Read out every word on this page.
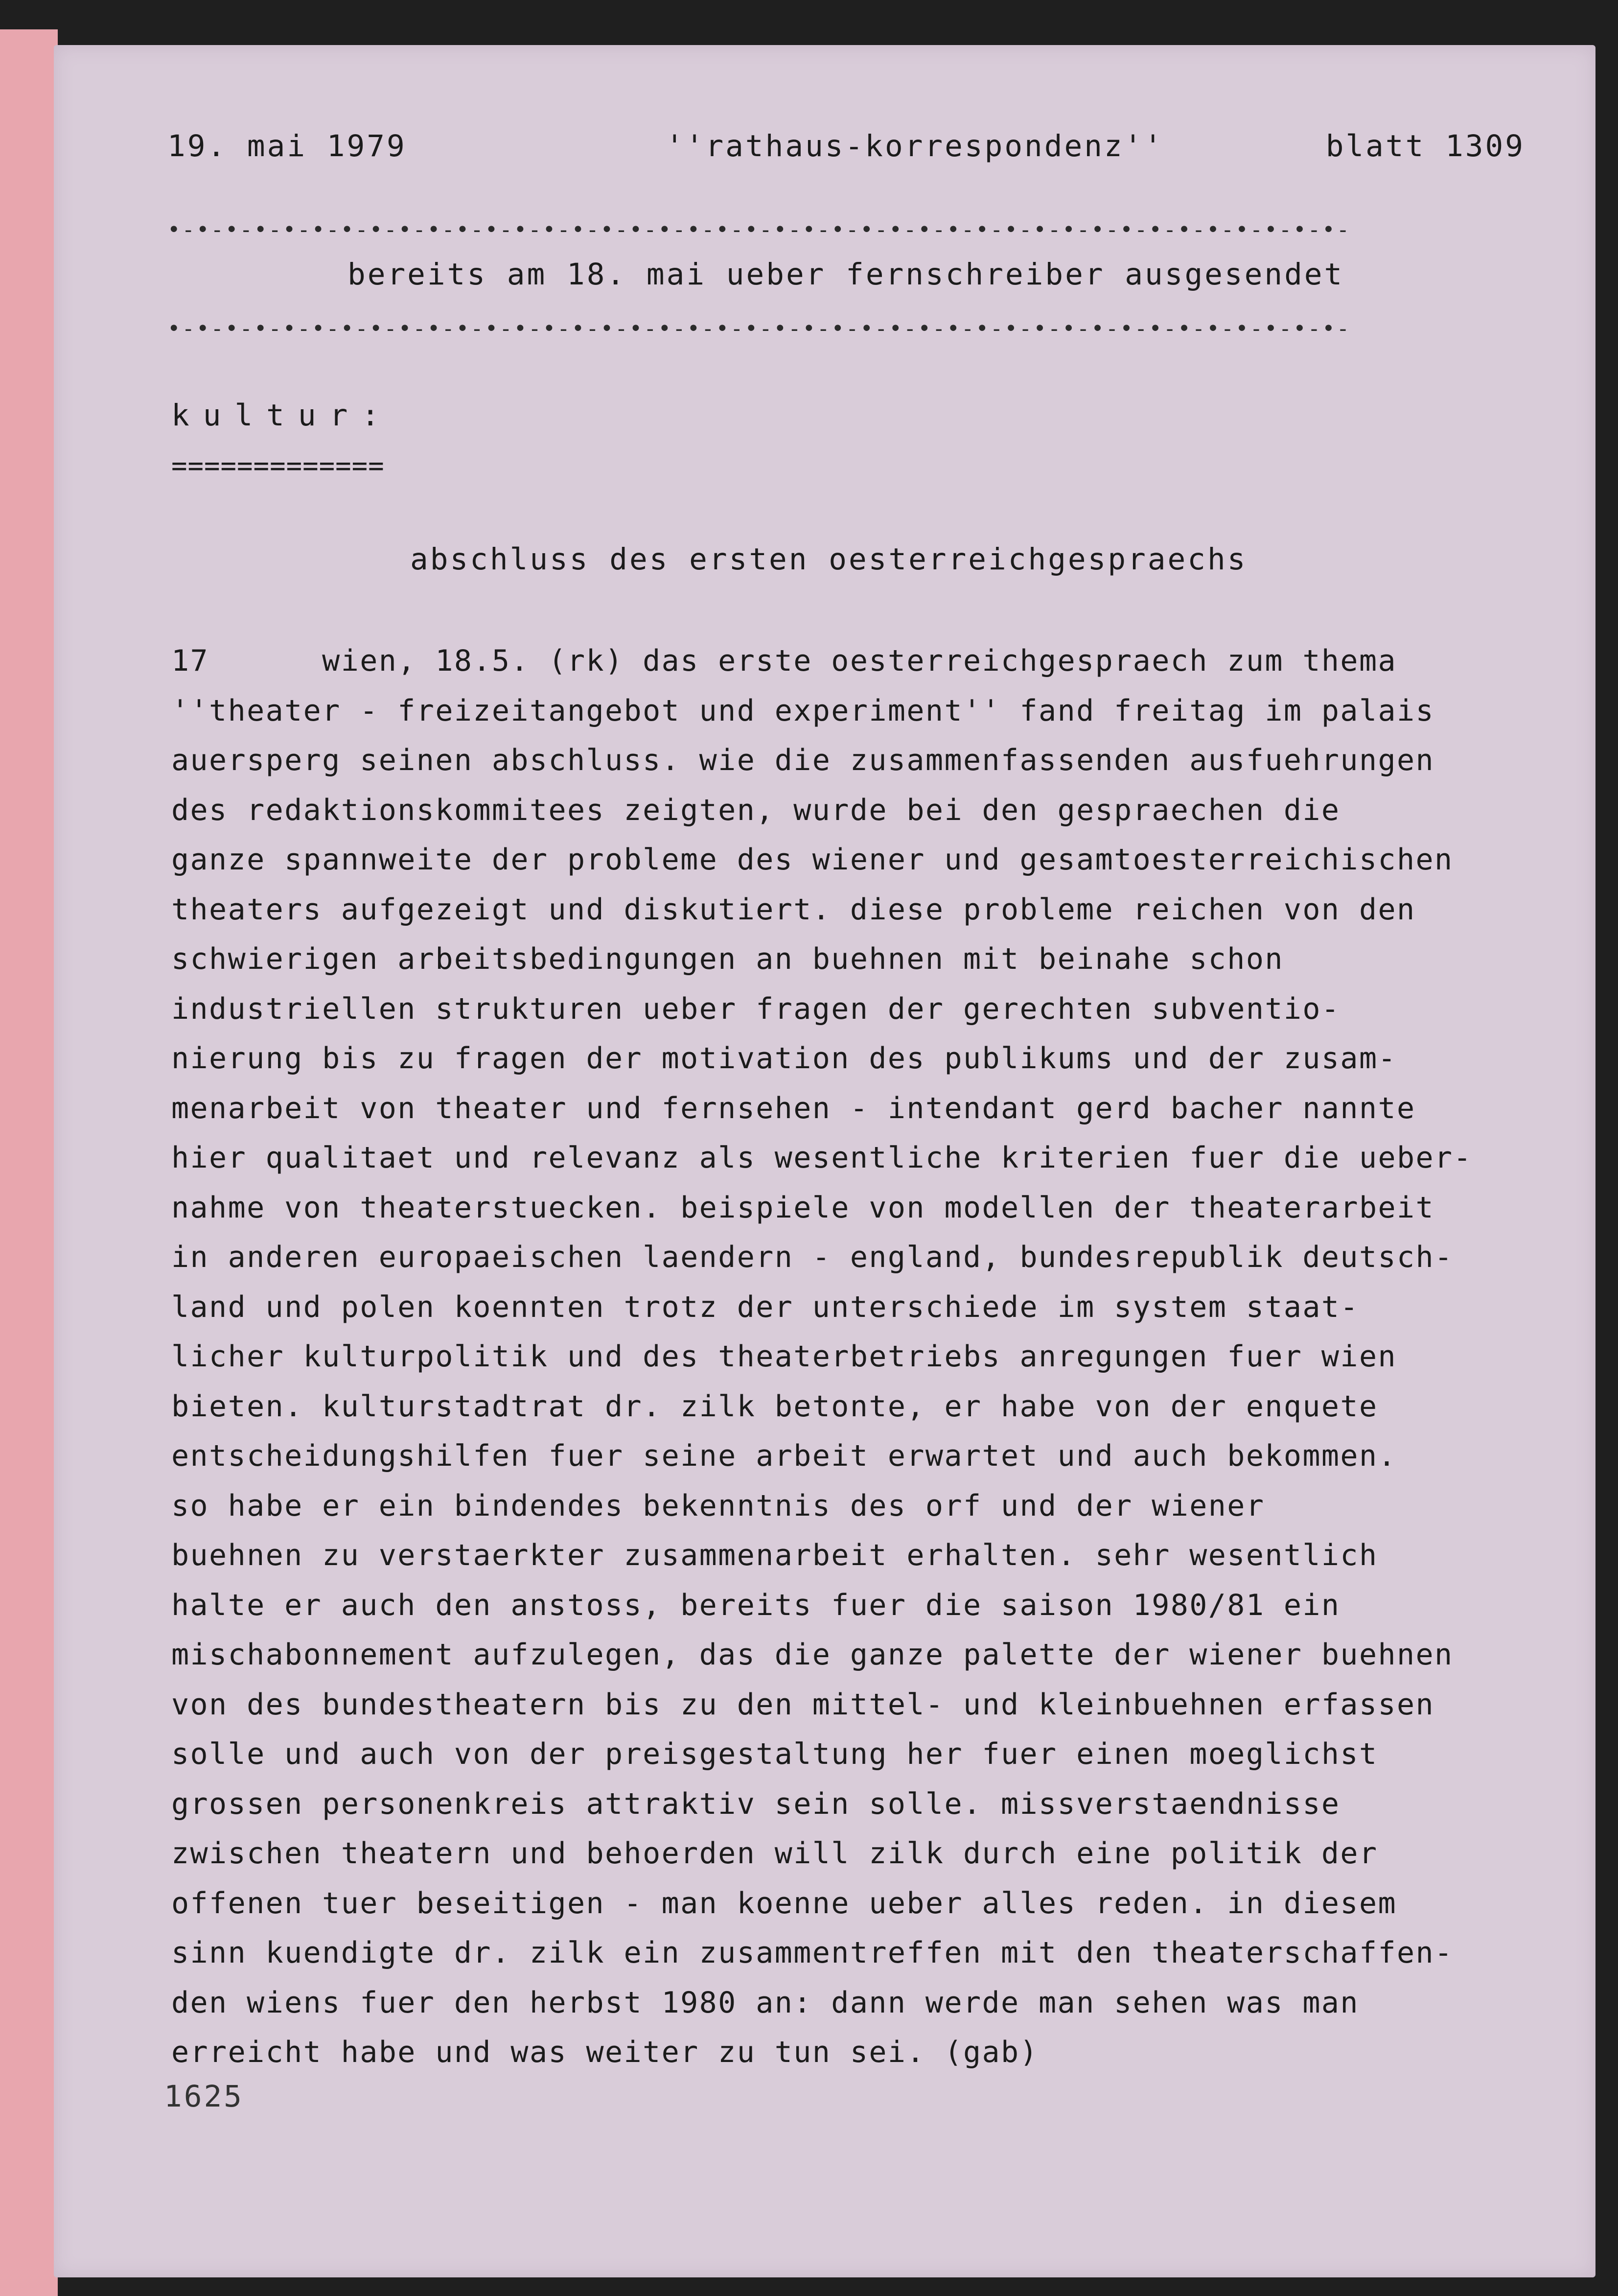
19. mai 1979	''rathaus-korrespondenz''	blatt 1309
•-•-•-•-•-•-•-•-•-•-•-•-•-•-•-•-•-•-•-•-•-•-•-•-•-•-•-•-•-•-•-•-•-•-•-•-•-•-•-•-•-
bereits am 18. mai ueber fernschreiber ausgesendet
•-•-•-•-•-•-•-•-•-•-•-•-•-•-•-•-•-•-•-•-•-•-•-•-•-•-•-•-•-•-•-•-•-•-•-•-•-•-•-•-•-
kultur:
=============
abschluss des ersten oesterreichgespraechs
17      wien, 18.5. (rk) das erste oesterreichgespraech zum thema
''theater - freizeitangebot und experiment'' fand freitag im palais
auersperg seinen abschluss. wie die zusammenfassenden ausfuehrungen
des redaktionskommitees zeigten, wurde bei den gespraechen die
ganze spannweite der probleme des wiener und gesamtoesterreichischen
theaters aufgezeigt und diskutiert. diese probleme reichen von den
schwierigen arbeitsbedingungen an buehnen mit beinahe schon
industriellen strukturen ueber fragen der gerechten subventio-
nierung bis zu fragen der motivation des publikums und der zusam-
menarbeit von theater und fernsehen - intendant gerd bacher nannte
hier qualitaet und relevanz als wesentliche kriterien fuer die ueber-
nahme von theaterstuecken. beispiele von modellen der theaterarbeit
in anderen europaeischen laendern - england, bundesrepublik deutsch-
land und polen koennten trotz der unterschiede im system staat-
licher kulturpolitik und des theaterbetriebs anregungen fuer wien
bieten. kulturstadtrat dr. zilk betonte, er habe von der enquete
entscheidungshilfen fuer seine arbeit erwartet und auch bekommen.
so habe er ein bindendes bekenntnis des orf und der wiener
buehnen zu verstaerkter zusammenarbeit erhalten. sehr wesentlich
halte er auch den anstoss, bereits fuer die saison 1980/81 ein
mischabonnement aufzulegen, das die ganze palette der wiener buehnen
von des bundestheatern bis zu den mittel- und kleinbuehnen erfassen
solle und auch von der preisgestaltung her fuer einen moeglichst
grossen personenkreis attraktiv sein solle. missverstaendnisse
zwischen theatern und behoerden will zilk durch eine politik der
offenen tuer beseitigen - man koenne ueber alles reden. in diesem
sinn kuendigte dr. zilk ein zusammentreffen mit den theaterschaffen-
den wiens fuer den herbst 1980 an: dann werde man sehen was man
erreicht habe und was weiter zu tun sei. (gab)
1625
